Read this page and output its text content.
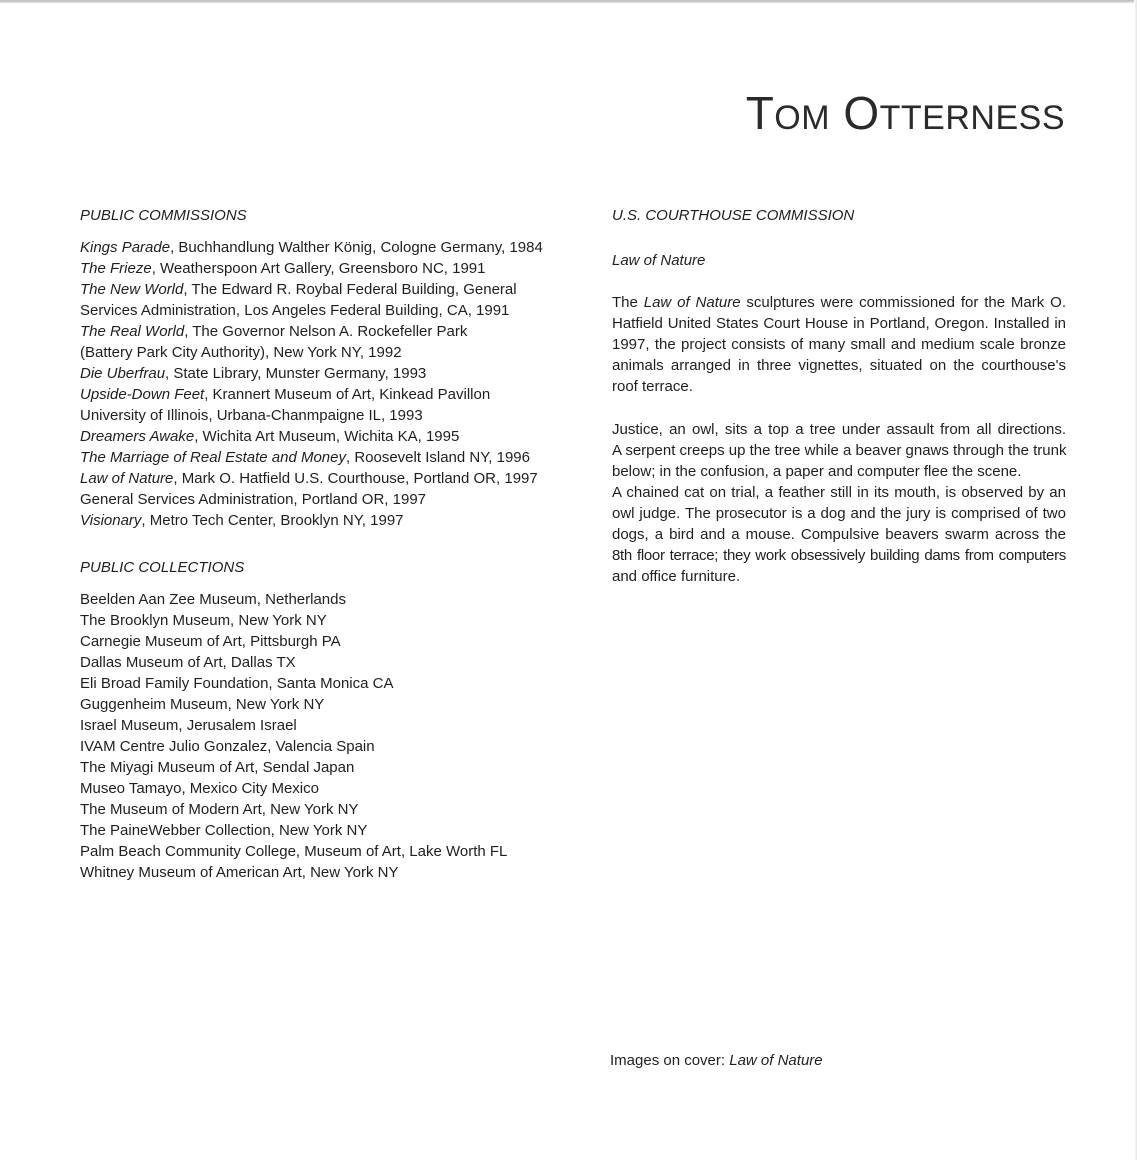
TOM OTTERNESS
PUBLIC COMMISSIONS
Kings Parade, Buchhandlung Walther König, Cologne Germany, 1984
The Frieze, Weatherspoon Art Gallery, Greensboro NC, 1991
The New World, The Edward R. Roybal Federal Building, General
Services Administration, Los Angeles Federal Building, CA, 1991
The Real World, The Governor Nelson A. Rockefeller Park
(Battery Park City Authority), New York NY, 1992
Die Uberfrau, State Library, Munster Germany, 1993
Upside-Down Feet, Krannert Museum of Art, Kinkead Pavillon
University of Illinois, Urbana-Chanmpaigne IL, 1993
Dreamers Awake, Wichita Art Museum, Wichita KA, 1995
The Marriage of Real Estate and Money, Roosevelt Island NY, 1996
Law of Nature, Mark O. Hatfield U.S. Courthouse, Portland OR, 1997
General Services Administration, Portland OR, 1997
Visionary, Metro Tech Center, Brooklyn NY, 1997
PUBLIC COLLECTIONS
Beelden Aan Zee Museum, Netherlands
The Brooklyn Museum, New York NY
Carnegie Museum of Art, Pittsburgh PA
Dallas Museum of Art, Dallas TX
Eli Broad Family Foundation, Santa Monica CA
Guggenheim Museum, New York NY
Israel Museum, Jerusalem Israel
IVAM Centre Julio Gonzalez, Valencia Spain
The Miyagi Museum of Art, Sendal Japan
Museo Tamayo, Mexico City Mexico
The Museum of Modern Art, New York NY
The PaineWebber Collection, New York NY
Palm Beach Community College, Museum of Art, Lake Worth FL
Whitney Museum of American Art, New York NY
U.S. COURTHOUSE COMMISSION
Law of Nature
The Law of Nature sculptures were commissioned for the Mark O.
Hatfield United States Court House in Portland, Oregon. Installed in
1997, the project consists of many small and medium scale bronze
animals arranged in three vignettes, situated on the courthouse's
roof terrace.
Justice, an owl, sits a top a tree under assault from all directions.
A serpent creeps up the tree while a beaver gnaws through the trunk
below; in the confusion, a paper and computer flee the scene.
A chained cat on trial, a feather still in its mouth, is observed by an
owl judge. The prosecutor is a dog and the jury is comprised of two
dogs, a bird and a mouse. Compulsive beavers swarm across the
8th floor terrace; they work obsessively building dams from computers
and office furniture.
Images on cover: Law of Nature
